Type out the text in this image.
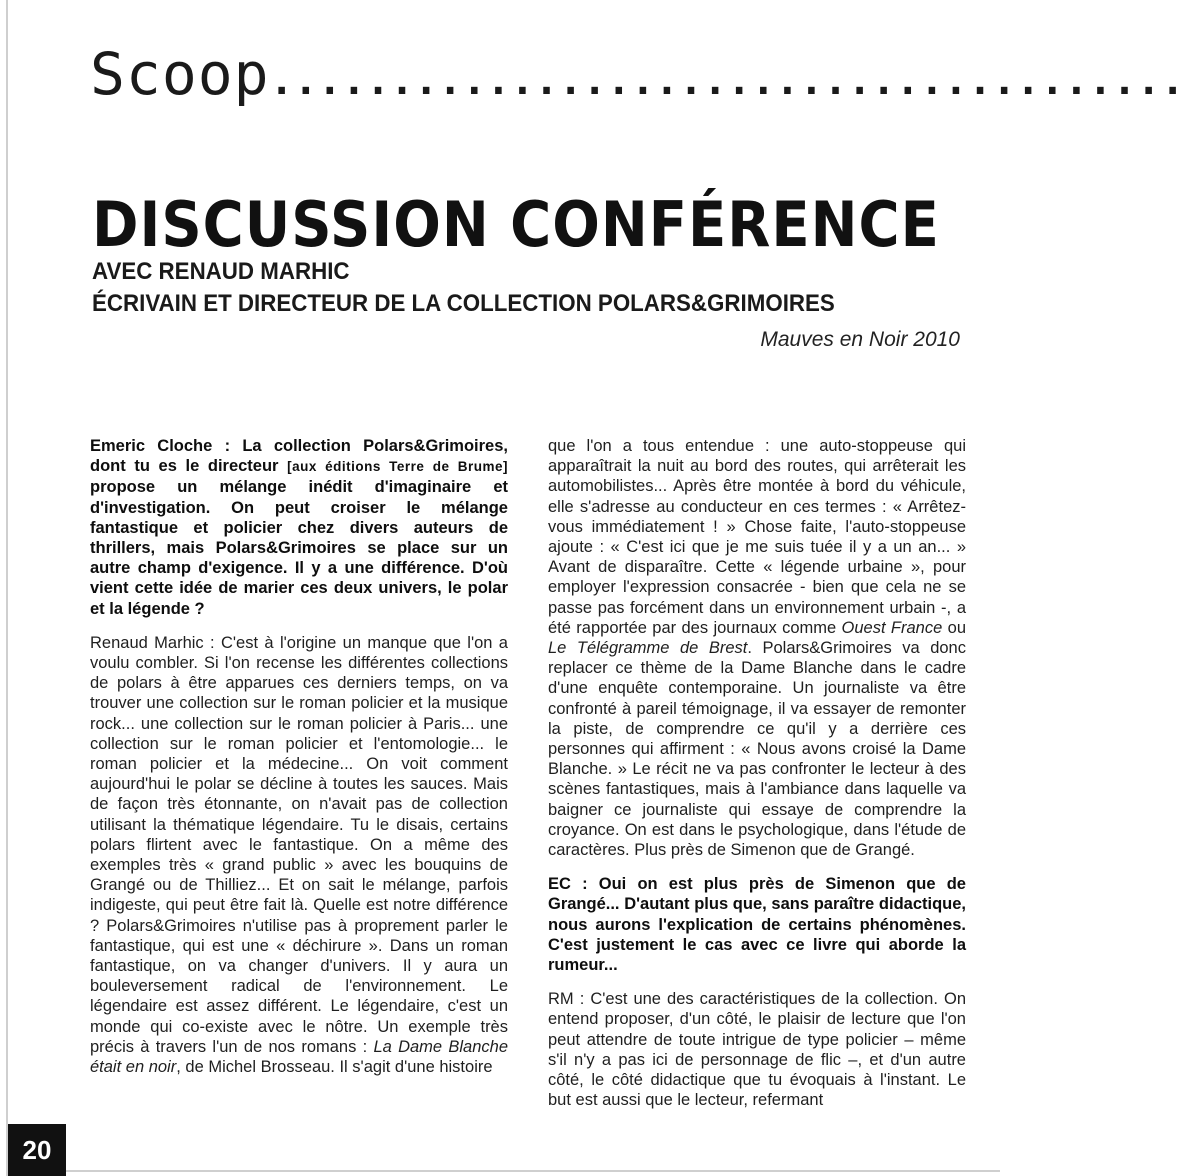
Scoop......................................
DISCUSSION CONFÉRENCE
AVEC RENAUD MARHIC
ÉCRIVAIN ET DIRECTEUR DE LA COLLECTION POLARS&GRIMOIRES
Mauves en Noir 2010

Emeric Cloche : La collection Polars&Grimoires, dont tu es le directeur [aux éditions Terre de Brume] propose un mélange inédit d'imaginaire et d'investigation. On peut croiser le mélange fantastique et policier chez divers auteurs de thrillers, mais Polars&Grimoires se place sur un autre champ d'exigence. Il y a une différence. D'où vient cette idée de marier ces deux univers, le polar et la légende ?

Renaud Marhic : C'est à l'origine un manque que l'on a voulu combler. Si l'on recense les différentes collections de polars à être apparues ces derniers temps, on va trouver une collection sur le roman policier et la musique rock... une collection sur le roman policier à Paris... une collection sur le roman policier et l'entomologie... le roman policier et la médecine... On voit comment aujourd'hui le polar se décline à toutes les sauces. Mais de façon très étonnante, on n'avait pas de collection utilisant la thématique légendaire. Tu le disais, certains polars flirtent avec le fantastique. On a même des exemples très « grand public » avec les bouquins de Grangé ou de Thilliez... Et on sait le mélange, parfois indigeste, qui peut être fait là. Quelle est notre différence ? Polars&Grimoires n'utilise pas à proprement parler le fantastique, qui est une « déchirure ». Dans un roman fantastique, on va changer d'univers. Il y aura un bouleversement radical de l'environnement. Le légendaire est assez différent. Le légendaire, c'est un monde qui co-existe avec le nôtre. Un exemple très précis à travers l'un de nos romans : La Dame Blanche était en noir, de Michel Brosseau. Il s'agit d'une histoire

que l'on a tous entendue : une auto-stoppeuse qui apparaîtrait la nuit au bord des routes, qui arrêterait les automobilistes... Après être montée à bord du véhicule, elle s'adresse au conducteur en ces termes : « Arrêtez-vous immédiatement ! » Chose faite, l'auto-stoppeuse ajoute : « C'est ici que je me suis tuée il y a un an... » Avant de disparaître. Cette « légende urbaine », pour employer l'expression consacrée - bien que cela ne se passe pas forcément dans un environnement urbain -, a été rapportée par des journaux comme Ouest France ou Le Télégramme de Brest. Polars&Grimoires va donc replacer ce thème de la Dame Blanche dans le cadre d'une enquête contemporaine. Un journaliste va être confronté à pareil témoignage, il va essayer de remonter la piste, de comprendre ce qu'il y a derrière ces personnes qui affirment : « Nous avons croisé la Dame Blanche. » Le récit ne va pas confronter le lecteur à des scènes fantastiques, mais à l'ambiance dans laquelle va baigner ce journaliste qui essaye de comprendre la croyance. On est dans le psychologique, dans l'étude de caractères. Plus près de Simenon que de Grangé.

EC : Oui on est plus près de Simenon que de Grangé... D'autant plus que, sans paraître didactique, nous aurons l'explication de certains phénomènes. C'est justement le cas avec ce livre qui aborde la rumeur...

RM : C'est une des caractéristiques de la collection. On entend proposer, d'un côté, le plaisir de lecture que l'on peut attendre de toute intrigue de type policier – même s'il n'y a pas ici de personnage de flic –, et d'un autre côté, le côté didactique que tu évoquais à l'instant. Le but est aussi que le lecteur, refermant

20
